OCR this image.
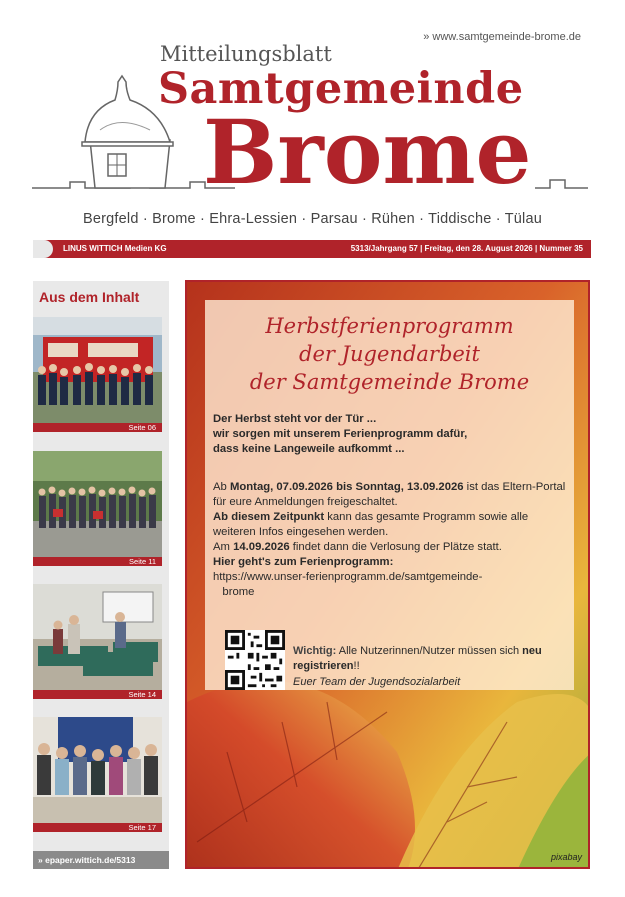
» www.samtgemeinde-brome.de
Mitteilungsblatt
Samtgemeinde
Brome
Bergfeld · Brome · Ehra-Lessien · Parsau · Rühen · Tiddische · Tülau
LINUS WITTICH Medien KG	5313/Jahrgang 57 | Freitag, den 28. August 2026 | Nummer 35
Aus dem Inhalt
Seite 06
Seite 11
Seite 14
Seite 17
» epaper.wittich.de/5313
Herbstferienprogramm
der Jugendarbeit
der Samtgemeinde Brome
Der Herbst steht vor der Tür ...
wir sorgen mit unserem Ferienprogramm dafür,
dass keine Langeweile aufkommt ...
Ab Montag, 07.09.2026 bis Sonntag, 13.09.2026 ist das Eltern-Portal für eure Anmeldungen freigeschaltet.
Ab diesem Zeitpunkt kann das gesamte Programm sowie alle weiteren Infos eingesehen werden.
Am 14.09.2026 findet dann die Verlosung der Plätze statt.
Hier geht's zum Ferienprogramm:
https://www.unser-ferienprogramm.de/samtgemeinde-
brome
Wichtig: Alle Nutzerinnen/Nutzer müssen sich neu registrieren!!
Euer Team der Jugendsozialarbeit
pixabay
